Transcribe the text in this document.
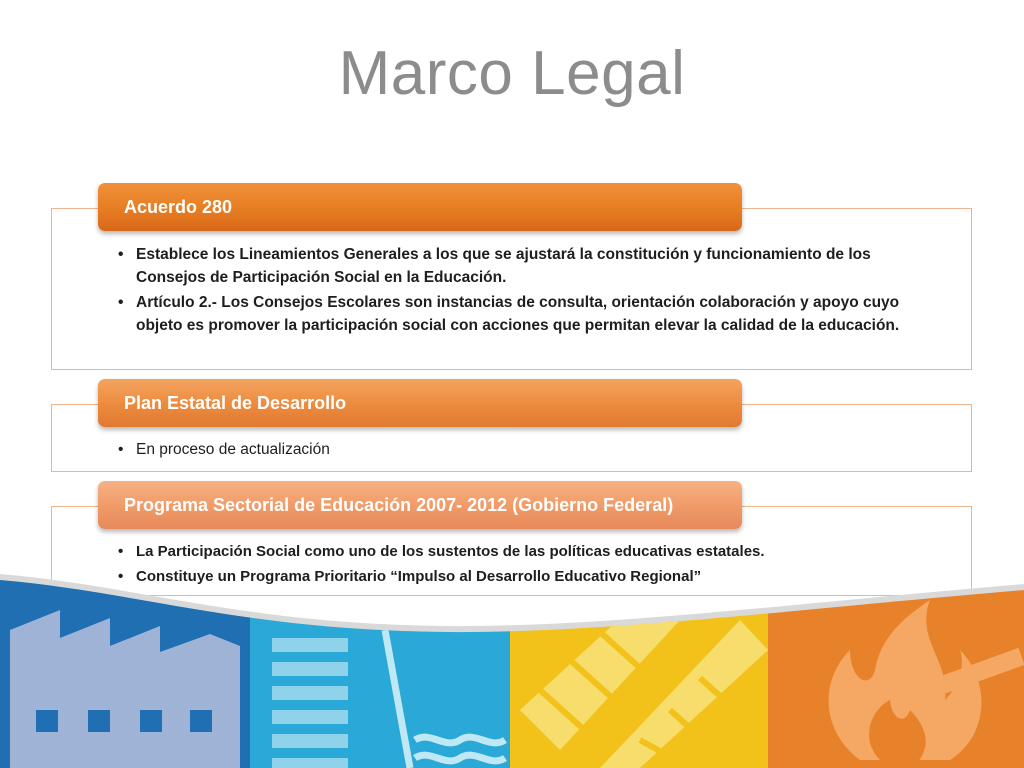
Marco Legal
• Establece los Lineamientos Generales a los que se ajustará la constitución y funcionamiento de los Consejos de Participación Social en la Educación.
• Artículo 2.- Los Consejos Escolares son instancias de consulta, orientación colaboración y apoyo cuyo objeto es promover la participación social con acciones que permitan elevar la calidad de la educación.
Acuerdo 280
• En proceso de actualización
Plan Estatal de Desarrollo
• La Participación Social como uno de los sustentos de las políticas educativas estatales.
• Constituye un Programa Prioritario “Impulso al Desarrollo Educativo Regional”
Programa Sectorial de Educación 2007- 2012 (Gobierno Federal)
